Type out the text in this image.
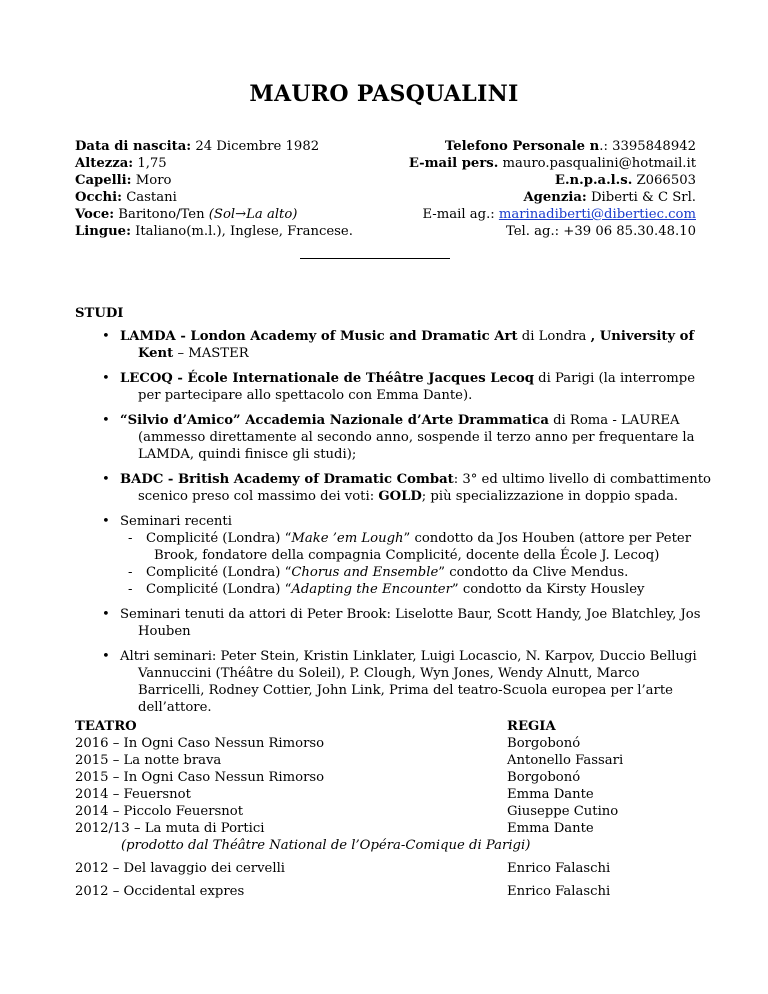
MAURO PASQUALINI
Data di nascita: 24 Dicembre 1982
Altezza: 1,75
Capelli: Moro
Occhi: Castani
Voce: Baritono/Ten (Sol→La alto)
Lingue: Italiano(m.l.), Inglese, Francese.
Telefono Personale n.: 3395848942
E-mail pers. mauro.pasqualini@hotmail.it
E.n.p.a.l.s. Z066503
Agenzia: Diberti & C Srl.
E-mail ag.: marinadiberti@dibertiec.com
Tel. ag.: +39 06 85.30.48.10
STUDI
• LAMDA - London Academy of Music and Dramatic Art di Londra , University of
Kent – MASTER
• LECOQ - École Internationale de Théâtre Jacques Lecoq di Parigi (la interrompe
per partecipare allo spettacolo con Emma Dante).
• “Silvio d’Amico” Accademia Nazionale d’Arte Drammatica di Roma - LAUREA
(ammesso direttamente al secondo anno, sospende il terzo anno per frequentare la
LAMDA, quindi finisce gli studi);
• BADC - British Academy of Dramatic Combat: 3° ed ultimo livello di combattimento
scenico preso col massimo dei voti: GOLD; più specializzazione in doppio spada.
• Seminari recenti
- Complicité (Londra) “Make ’em Lough” condotto da Jos Houben (attore per Peter
Brook, fondatore della compagnia Complicité, docente della École J. Lecoq)
- Complicité (Londra) “Chorus and Ensemble” condotto da Clive Mendus.
- Complicité (Londra) “Adapting the Encounter” condotto da Kirsty Housley
• Seminari tenuti da attori di Peter Brook: Liselotte Baur, Scott Handy, Joe Blatchley, Jos
Houben
• Altri seminari: Peter Stein, Kristin Linklater, Luigi Locascio, N. Karpov, Duccio Bellugi
Vannuccini (Théâtre du Soleil), P. Clough, Wyn Jones, Wendy Alnutt, Marco
Barricelli, Rodney Cottier, John Link, Prima del teatro-Scuola europea per l’arte
dell’attore.
TEATRO	REGIA
2016 – In Ogni Caso Nessun Rimorso	Borgobonó
2015 – La notte brava	Antonello Fassari
2015 – In Ogni Caso Nessun Rimorso	Borgobonó
2014 – Feuersnot	Emma Dante
2014 – Piccolo Feuersnot	Giuseppe Cutino
2012/13 – La muta di Portici	Emma Dante
(prodotto dal Théâtre National de l’Opéra-Comique di Parigi)
2012 – Del lavaggio dei cervelli	Enrico Falaschi
2012 – Occidental expres	Enrico Falaschi
